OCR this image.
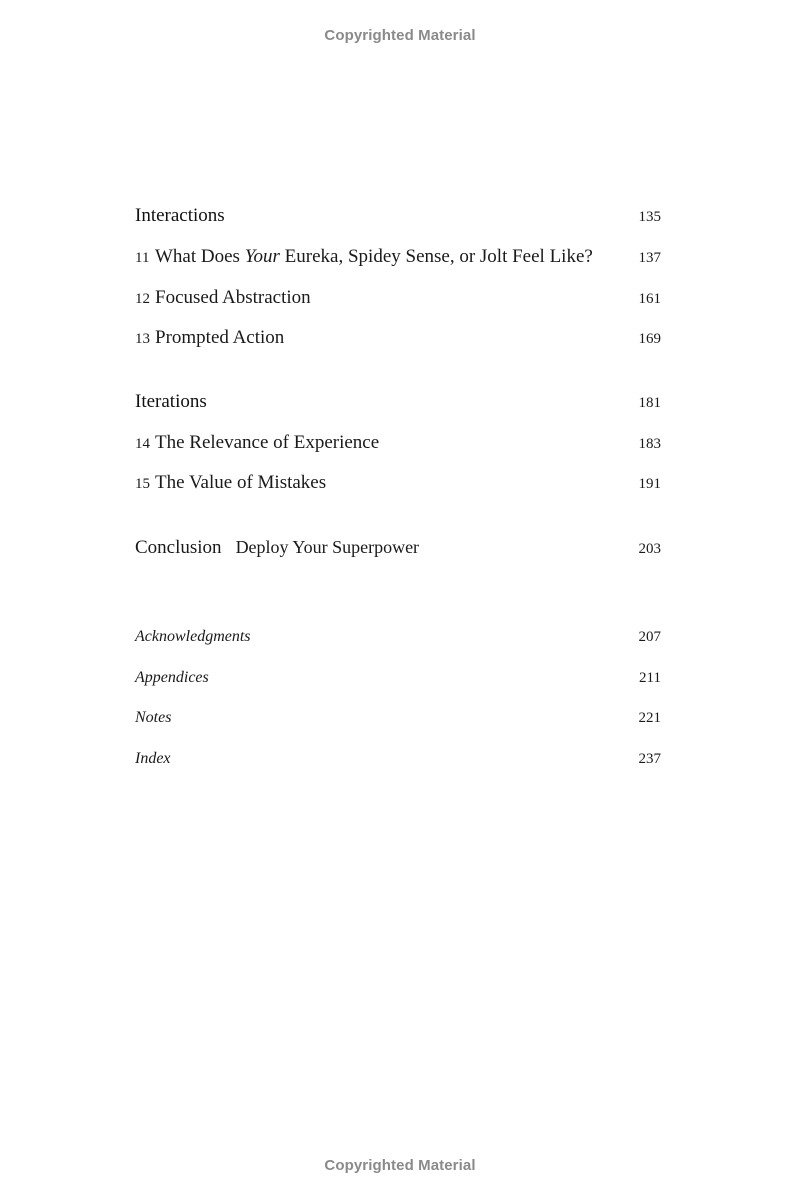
Copyrighted Material
Interactions	135
11 What Does Your Eureka, Spidey Sense, or Jolt Feel Like?	137
12 Focused Abstraction	161
13 Prompted Action	169
Iterations	181
14 The Relevance of Experience	183
15 The Value of Mistakes	191
Conclusion Deploy Your Superpower	203
Acknowledgments	207
Appendices	211
Notes	221
Index	237
Copyrighted Material
